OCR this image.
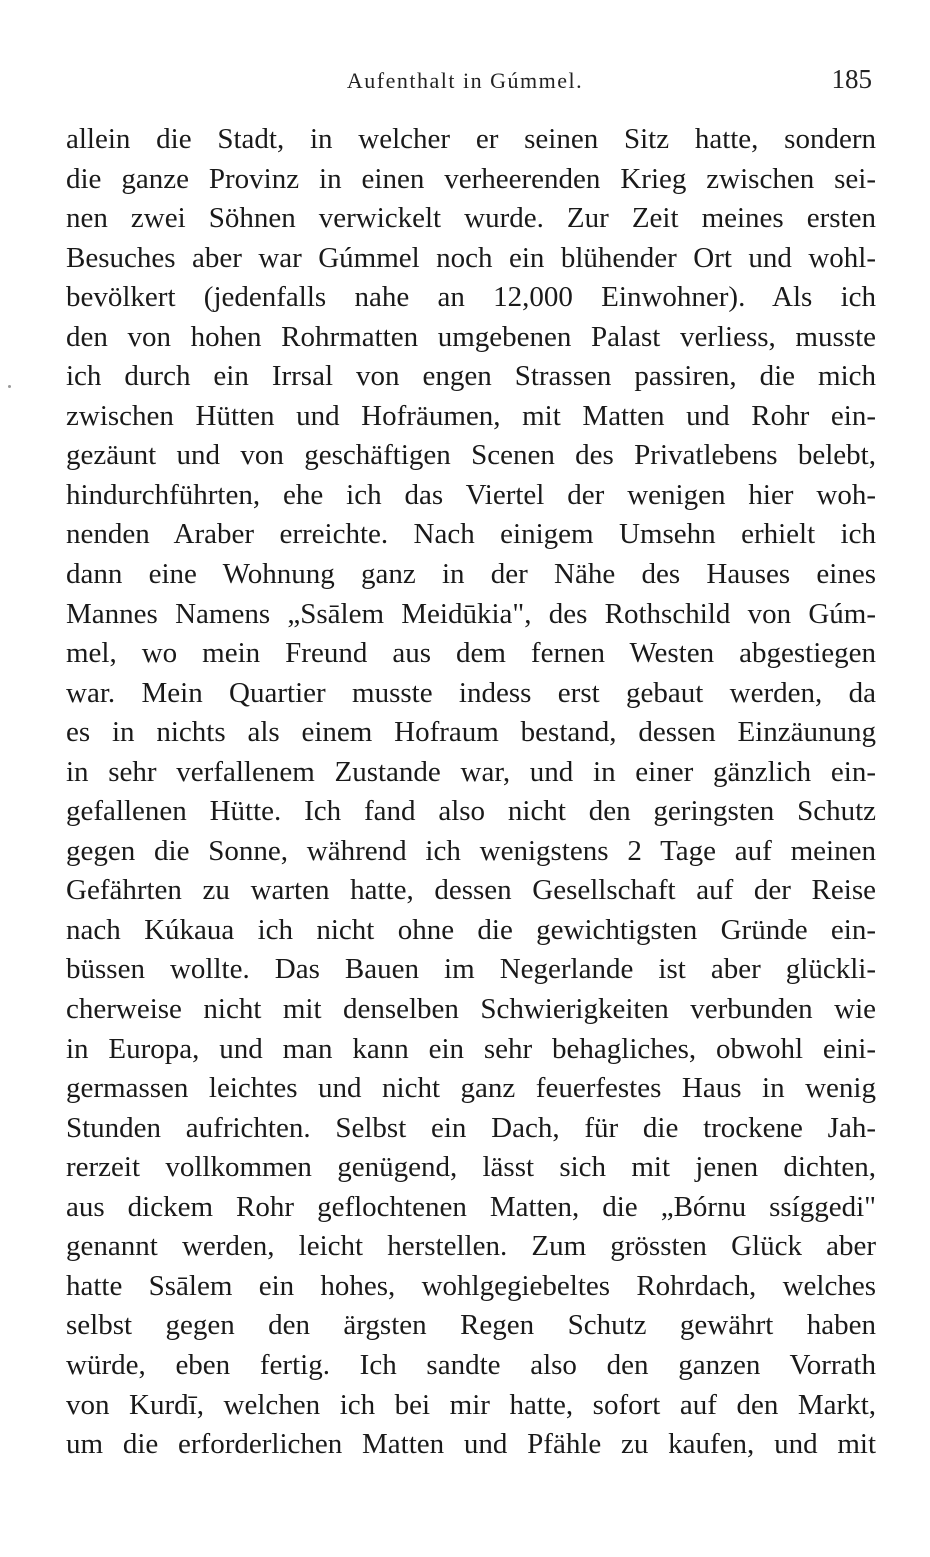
Aufenthalt in Gúmmel.	185
allein die Stadt, in welcher er seinen Sitz hatte, sondern
die ganze Provinz in einen verheerenden Krieg zwischen sei-
nen zwei Söhnen verwickelt wurde. Zur Zeit meines ersten
Besuches aber war Gúmmel noch ein blühender Ort und wohl-
bevölkert (jedenfalls nahe an 12,000 Einwohner). Als ich
den von hohen Rohrmatten umgebenen Palast verliess, musste
ich durch ein Irrsal von engen Strassen passiren, die mich
zwischen Hütten und Hofräumen, mit Matten und Rohr ein-
gezäunt und von geschäftigen Scenen des Privatlebens belebt,
hindurchführten, ehe ich das Viertel der wenigen hier woh-
nenden Araber erreichte. Nach einigem Umsehn erhielt ich
dann eine Wohnung ganz in der Nähe des Hauses eines
Mannes Namens „Ssālem Meidūkia", des Rothschild von Gúm-
mel, wo mein Freund aus dem fernen Westen abgestiegen
war. Mein Quartier musste indess erst gebaut werden, da
es in nichts als einem Hofraum bestand, dessen Einzäunung
in sehr verfallenem Zustande war, und in einer gänzlich ein-
gefallenen Hütte. Ich fand also nicht den geringsten Schutz
gegen die Sonne, während ich wenigstens 2 Tage auf meinen
Gefährten zu warten hatte, dessen Gesellschaft auf der Reise
nach Kúkaua ich nicht ohne die gewichtigsten Gründe ein-
büssen wollte. Das Bauen im Negerlande ist aber glückli-
cherweise nicht mit denselben Schwierigkeiten verbunden wie
in Europa, und man kann ein sehr behagliches, obwohl eini-
germassen leichtes und nicht ganz feuerfestes Haus in wenig
Stunden aufrichten. Selbst ein Dach, für die trockene Jah-
rerzeit vollkommen genügend, lässt sich mit jenen dichten,
aus dickem Rohr geflochtenen Matten, die „Bórnu ssíggedi"
genannt werden, leicht herstellen. Zum grössten Glück aber
hatte Ssālem ein hohes, wohlgegiebeltes Rohrdach, welches
selbst gegen den ärgsten Regen Schutz gewährt haben
würde, eben fertig. Ich sandte also den ganzen Vorrath
von Kurdī, welchen ich bei mir hatte, sofort auf den Markt,
um die erforderlichen Matten und Pfähle zu kaufen, und mit
